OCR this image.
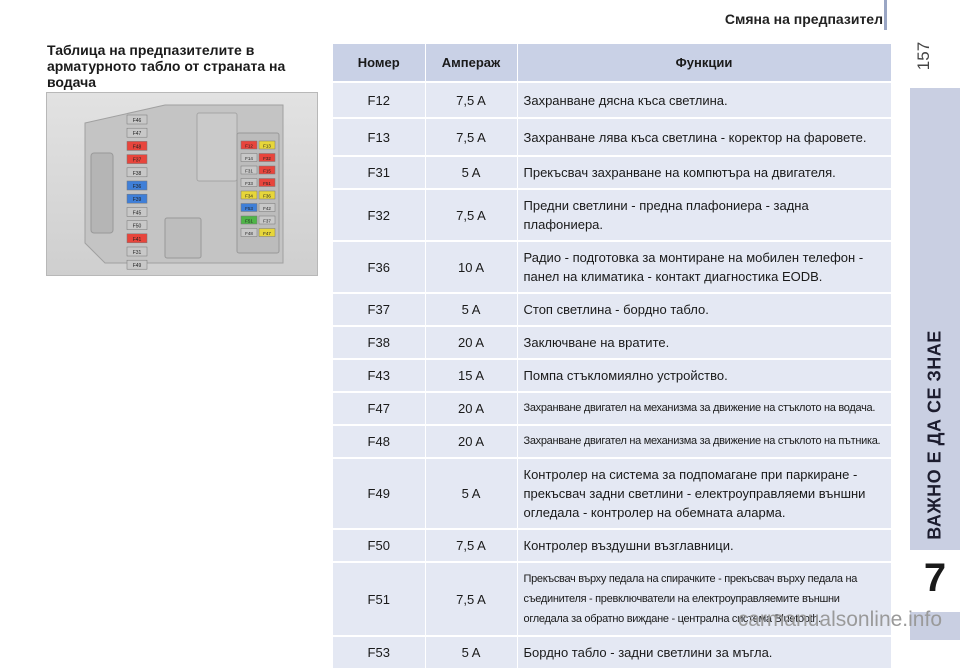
Смяна на предпазител
157
ВАЖНО Е ДА СЕ ЗНАЕ
7
Таблица на предпазителите в арматурното табло от страната на водача
F46
F47
F48
F37
F38
F36
F39
F45
F50
F41
F31
F49
F12 F13
F14 F32
F31 F15
F33 F51
F34 F36
F53 F42
F51 F37
F48 F47
Номер	Ампераж	Функции
F12	7,5 A	Захранване дясна къса светлина.
F13	7,5 A	Захранване лява къса светлина - коректор на фаровете.
F31	5 A	Прекъсвач захранване на компютъра на двигателя.
F32	7,5 A	Предни светлини - предна плафониера - задна плафониера.
F36	10 A	Радио - подготовка за монтиране на мобилен телефон - панел на климатика - контакт диагностика EODB.
F37	5 A	Стоп светлина - бордно табло.
F38	20 A	Заключване на вратите.
F43	15 A	Помпа стъкломиялно устройство.
F47	20 A	Захранване двигател на механизма за движение на стъклото на водача.
F48	20 A	Захранване двигател на механизма за движение на стъклото на пътника.
F49	5 A	Контролер на система за подпомагане при паркиране - прекъсвач задни светлини - електроуправляеми външни огледала - контролер на обемната аларма.
F50	7,5 A	Контролер въздушни възглавници.
F51	7,5 A	Прекъсвач върху педала на спирачките - прекъсвач върху педала на съединителя - превключватели на електроуправляемите външни огледала за обратно виждане - централна система Bluetooth.
F53	5 A	Бордно табло - задни светлини за мъгла.
carmanualsonline.info
